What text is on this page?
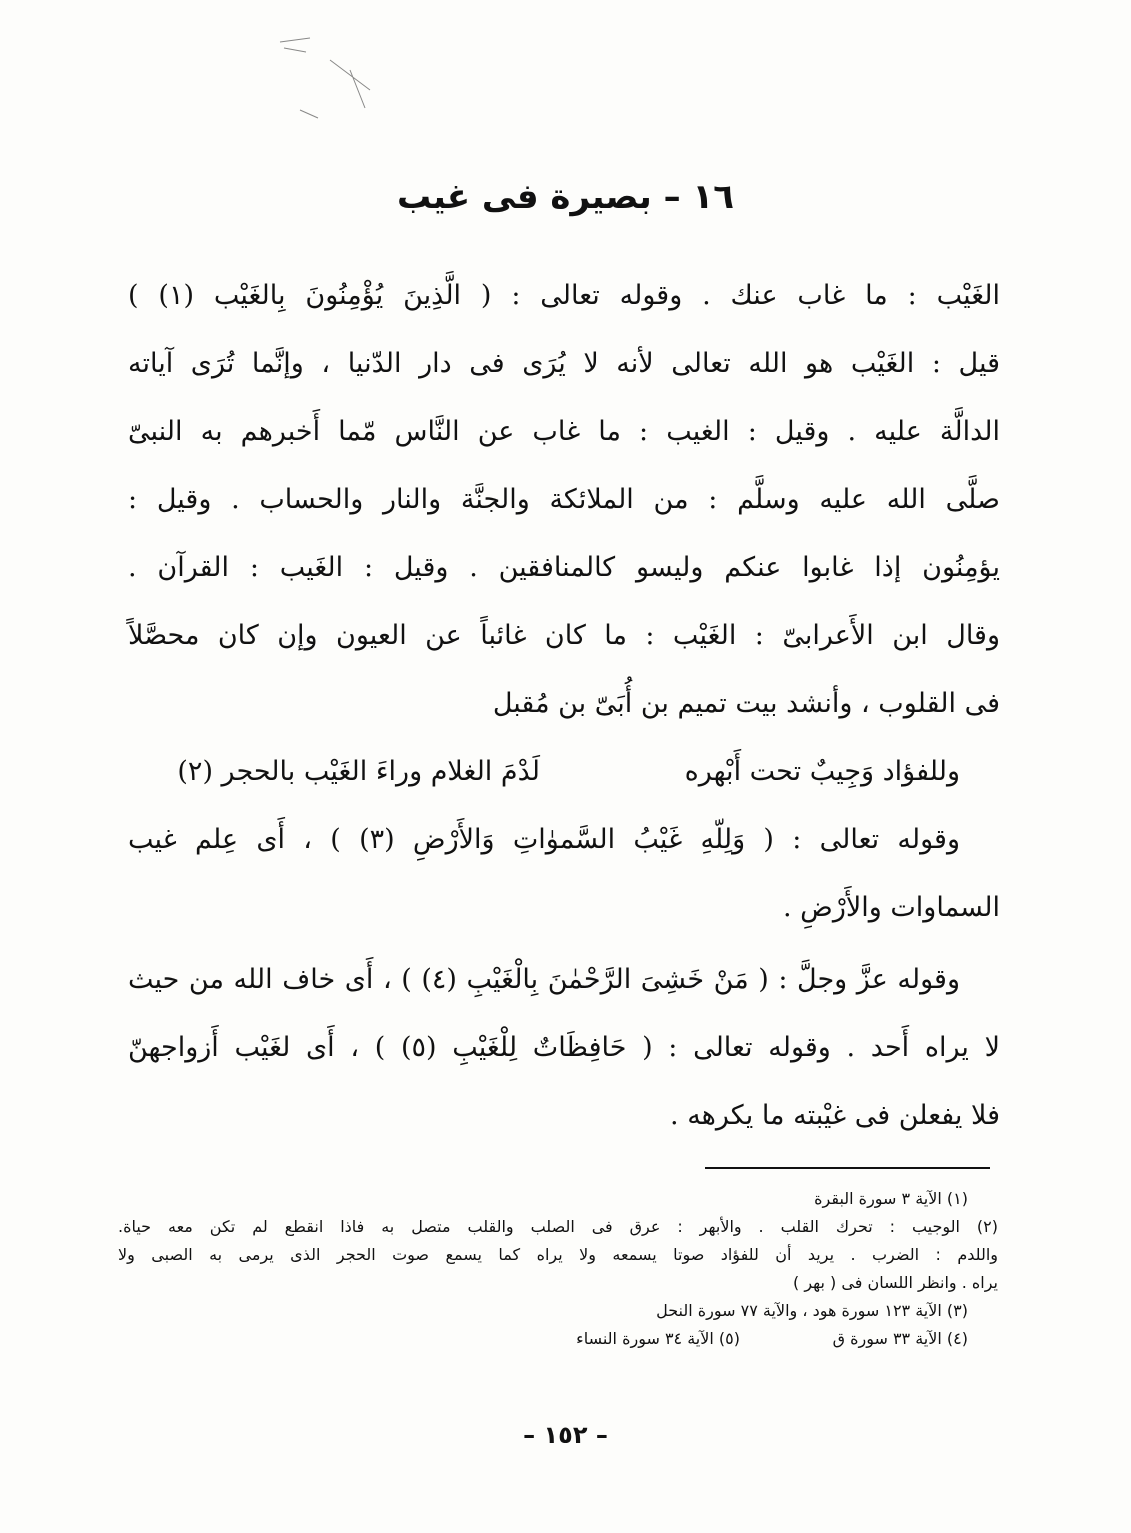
١٦ – بصيرة فى غيب
الغَيْب : ما غاب عنك . وقوله تعالى : ( الَّذِينَ يُؤْمِنُونَ بِالغَيْب (١) )
قيل : الغَيْب هو الله تعالى لأنه لا يُرَى فى دار الدّنيا ، وإنَّما تُرَى آياته
الدالَّة عليه . وقيل : الغيب : ما غاب عن النَّاس مّما أَخبرهم به النبىّ
صلَّى الله عليه وسلَّم : من الملائكة والجنَّة والنار والحساب . وقيل :
يؤمِنُون إذا غابوا عنكم وليسو كالمنافقين . وقيل : الغَيب : القرآن .
وقال ابن الأَعرابىّ : الغَيْب : ما كان غائباً عن العيون وإن كان محصَّلاً
فى القلوب ، وأنشد بيت تميم بن أُبَىّ بن مُقبل
وللفؤاد وَجِيبٌ تحت أَبْهره
لَدْمَ الغلام وراءَ الغَيْب بالحجر (٢)
وقوله تعالى : ( وَلِلّهِ غَيْبُ السَّموٰاتِ وَالأَرْضِ (٣) ) ، أَى عِلم غيب
السماوات والأَرْضِ .
وقوله عزَّ وجلَّ : ( مَنْ خَشِىَ الرَّحْمٰنَ بِالْغَيْبِ (٤) ) ، أَى خاف الله من حيث
لا يراه أَحد . وقوله تعالى : ( حَافِظَاتٌ لِلْغَيْبِ (٥) ) ، أَى لغَيْب أَزواجهنّ
فلا يفعلن فى غيْبته ما يكرهه .
(١) الآية ٣ سورة البقرة
(٢) الوجيب : تحرك القلب . والأبهر : عرق فى الصلب والقلب متصل به فاذا انقطع لم تكن معه حياة.
واللدم : الضرب . يريد أن للفؤاد صوتا يسمعه ولا يراه كما يسمع صوت الحجر الذى يرمى به الصبى ولا
يراه . وانظر اللسان فى ( بهر )
(٣) الآية ١٢٣ سورة هود ، والآية ٧٧ سورة النحل
(٤) الآية ٣٣ سورة ق
(٥) الآية ٣٤ سورة النساء
– ١٥٢ –
